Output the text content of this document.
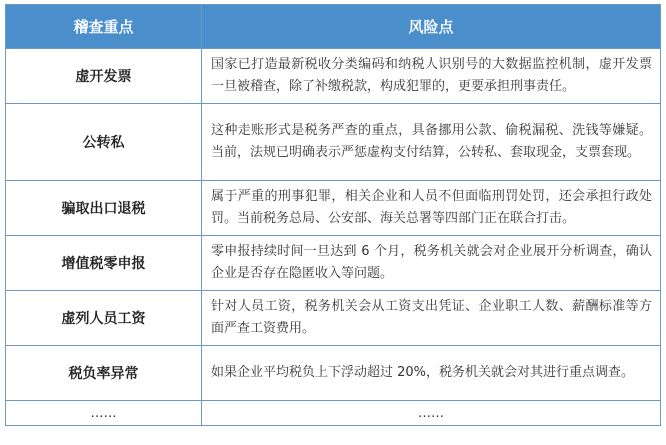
稽查重点	风险点
虚开发票	国家已打造最新税收分类编码和纳税人识别号的大数据监控机制，虚开发票一旦被稽查，除了补缴税款，构成犯罪的，更要承担刑事责任。
公转私	这种走账形式是税务严查的重点，具备挪用公款、偷税漏税、洗钱等嫌疑。当前，法规已明确表示严惩虚构支付结算，公转私、套取现金，支票套现。
骗取出口退税	属于严重的刑事犯罪，相关企业和人员不但面临刑罚处罚，还会承担行政处罚。当前税务总局、公安部、海关总署等四部门正在联合打击。
增值税零申报	零申报持续时间一旦达到 6 个月，税务机关就会对企业展开分析调查，确认企业是否存在隐匿收入等问题。
虚列人员工资	针对人员工资，税务机关会从工资支出凭证、企业职工人数、薪酬标准等方面严查工资费用。
税负率异常	如果企业平均税负上下浮动超过 20%，税务机关就会对其进行重点调查。
……	……
